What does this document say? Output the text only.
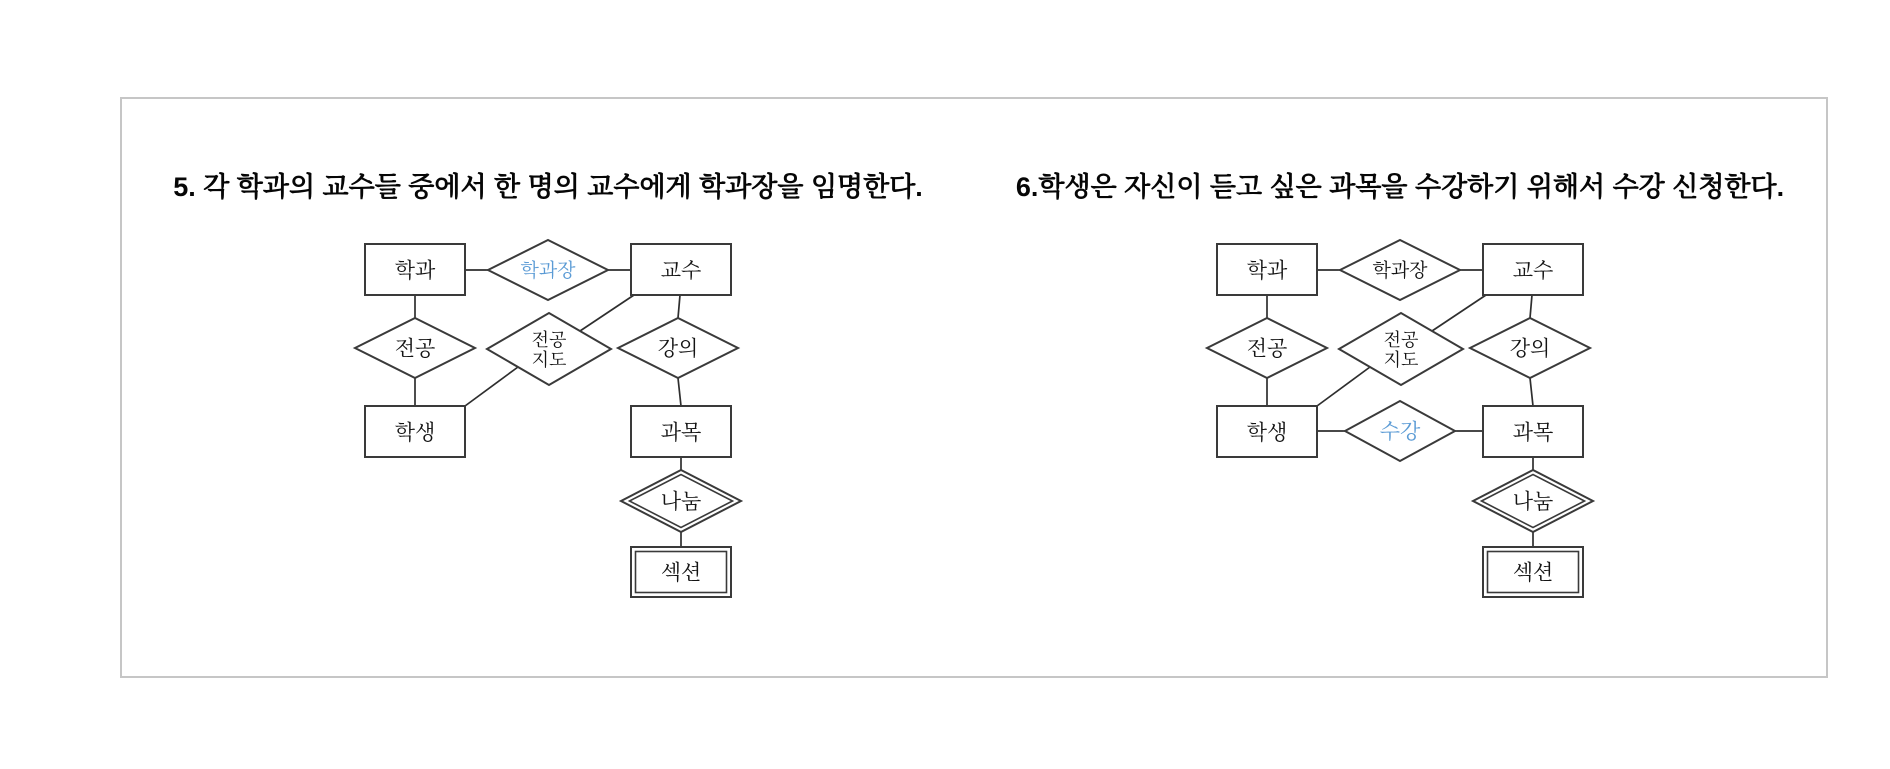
5. 각 학과의 교수들 중에서 한 명의 교수에게 학과장을 임명한다.
학과	학과장	교수
전공	전공
지도	강의
학생	과목
나눔
섹션
6.학생은 자신이 듣고 싶은 과목을 수강하기 위해서 수강 신청한다.
학과	학과장	교수
전공	전공
지도	강의
학생	수강	과목
나눔
섹션
